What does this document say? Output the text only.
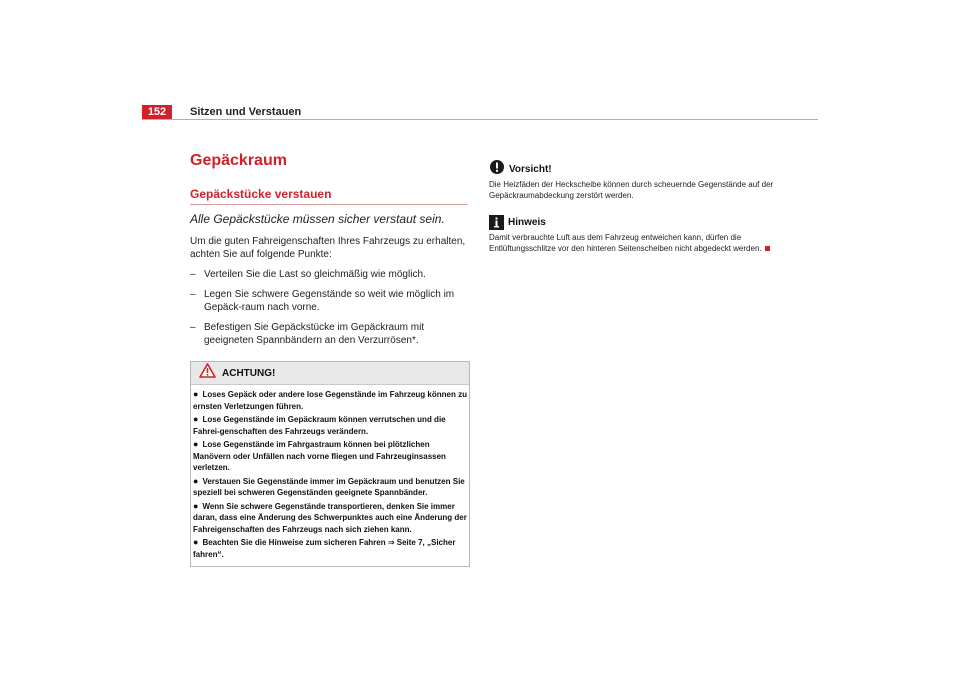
152	Sitzen und Verstauen
Gepäckraum
Gepäckstücke verstauen

Alle Gepäckstücke müssen sicher verstaut sein.

Um die guten Fahreigenschaften Ihres Fahrzeugs zu erhalten, achten Sie auf folgende Punkte:

– Verteilen Sie die Last so gleichmäßig wie möglich.
– Legen Sie schwere Gegenstände so weit wie möglich im Gepäck-raum nach vorne.
– Befestigen Sie Gepäckstücke im Gepäckraum mit geeigneten Spannbändern an den Verzurrösen*.
ACHTUNG!
● Loses Gepäck oder andere lose Gegenstände im Fahrzeug können zu ernsten Verletzungen führen.
● Lose Gegenstände im Gepäckraum können verrutschen und die Fahrei-genschaften des Fahrzeugs verändern.
● Lose Gegenstände im Fahrgastraum können bei plötzlichen Manövern oder Unfällen nach vorne fliegen und Fahrzeuginsassen verletzen.
● Verstauen Sie Gegenstände immer im Gepäckraum und benutzen Sie speziell bei schweren Gegenständen geeignete Spannbänder.
● Wenn Sie schwere Gegenstände transportieren, denken Sie immer daran, dass eine Änderung des Schwerpunktes auch eine Änderung der Fahreigenschaften des Fahrzeugs nach sich ziehen kann.
● Beachten Sie die Hinweise zum sicheren Fahren ⇒ Seite 7, „Sicher fahren“.
Vorsicht!

Die Heizfäden der Heckscheibe können durch scheuernde Gegenstände auf der Gepäckraumabdeckung zerstört werden.

Hinweis

Damit verbrauchte Luft aus dem Fahrzeug entweichen kann, dürfen die Entlüftungsschlitze vor den hinteren Seitenscheiben nicht abgedeckt werden.
